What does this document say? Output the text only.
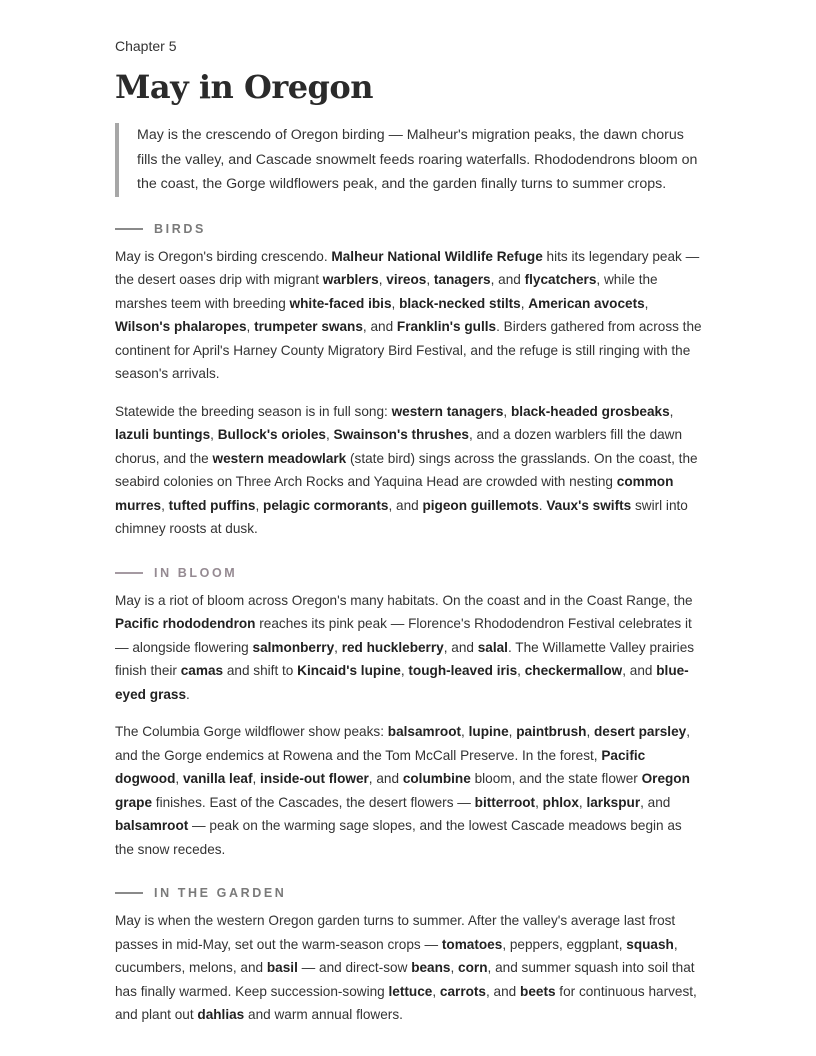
Chapter 5
May in Oregon
May is the crescendo of Oregon birding — Malheur's migration peaks, the dawn chorus fills the valley, and Cascade snowmelt feeds roaring waterfalls. Rhododendrons bloom on the coast, the Gorge wildflowers peak, and the garden finally turns to summer crops.
BIRDS

May is Oregon's birding crescendo. Malheur National Wildlife Refuge hits its legendary peak — the desert oases drip with migrant warblers, vireos, tanagers, and flycatchers, while the marshes teem with breeding white-faced ibis, black-necked stilts, American avocets, Wilson's phalaropes, trumpeter swans, and Franklin's gulls. Birders gathered from across the continent for April's Harney County Migratory Bird Festival, and the refuge is still ringing with the season's arrivals.

Statewide the breeding season is in full song: western tanagers, black-headed grosbeaks, lazuli buntings, Bullock's orioles, Swainson's thrushes, and a dozen warblers fill the dawn chorus, and the western meadowlark (state bird) sings across the grasslands. On the coast, the seabird colonies on Three Arch Rocks and Yaquina Head are crowded with nesting common murres, tufted puffins, pelagic cormorants, and pigeon guillemots. Vaux's swifts swirl into chimney roosts at dusk.

IN BLOOM

May is a riot of bloom across Oregon's many habitats. On the coast and in the Coast Range, the Pacific rhododendron reaches its pink peak — Florence's Rhododendron Festival celebrates it — alongside flowering salmonberry, red huckleberry, and salal. The Willamette Valley prairies finish their camas and shift to Kincaid's lupine, tough-leaved iris, checkermallow, and blue-eyed grass.

The Columbia Gorge wildflower show peaks: balsamroot, lupine, paintbrush, desert parsley, and the Gorge endemics at Rowena and the Tom McCall Preserve. In the forest, Pacific dogwood, vanilla leaf, inside-out flower, and columbine bloom, and the state flower Oregon grape finishes. East of the Cascades, the desert flowers — bitterroot, phlox, larkspur, and balsamroot — peak on the warming sage slopes, and the lowest Cascade meadows begin as the snow recedes.

IN THE GARDEN

May is when the western Oregon garden turns to summer. After the valley's average last frost passes in mid-May, set out the warm-season crops — tomatoes, peppers, eggplant, squash, cucumbers, melons, and basil — and direct-sow beans, corn, and summer squash into soil that has finally warmed. Keep succession-sowing lettuce, carrots, and beets for continuous harvest, and plant out dahlias and warm annual flowers.
